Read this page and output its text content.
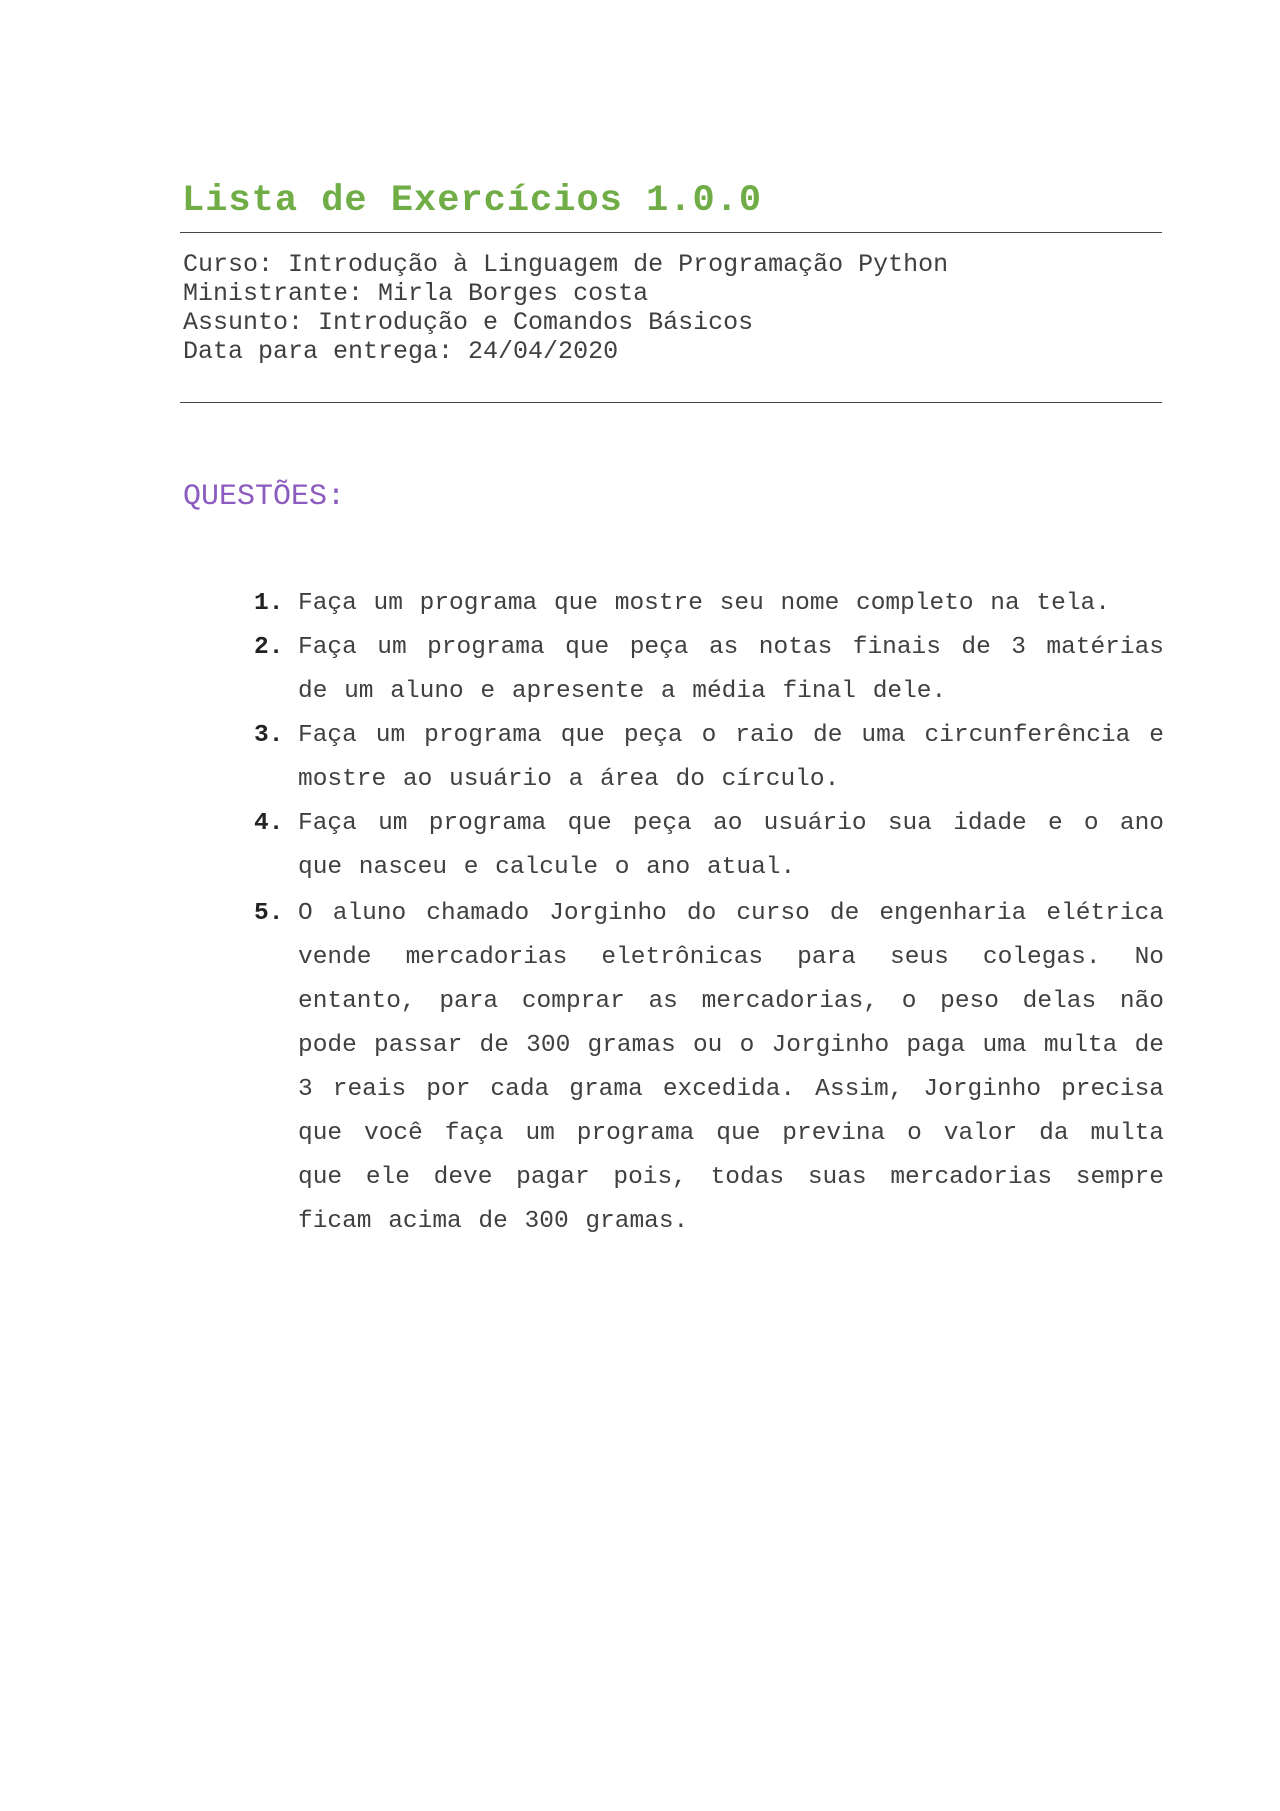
Lista de Exercícios 1.0.0
Curso: Introdução à Linguagem de Programação Python
Ministrante: Mirla Borges costa
Assunto: Introdução e Comandos Básicos
Data para entrega: 24/04/2020
QUESTÕES:
1. Faça um programa que mostre seu nome completo na tela.
2. Faça um programa que peça as notas finais de 3 matérias de um aluno e apresente a média final dele.
3. Faça um programa que peça o raio de uma circunferência e mostre ao usuário a área do círculo.
4. Faça um programa que peça ao usuário sua idade e o ano que nasceu e calcule o ano atual.
5. O aluno chamado Jorginho do curso de engenharia elétrica vende mercadorias eletrônicas para seus colegas. No entanto, para comprar as mercadorias, o peso delas não pode passar de 300 gramas ou o Jorginho paga uma multa de 3 reais por cada grama excedida. Assim, Jorginho precisa que você faça um programa que previna o valor da multa que ele deve pagar pois, todas suas mercadorias sempre ficam acima de 300 gramas.
